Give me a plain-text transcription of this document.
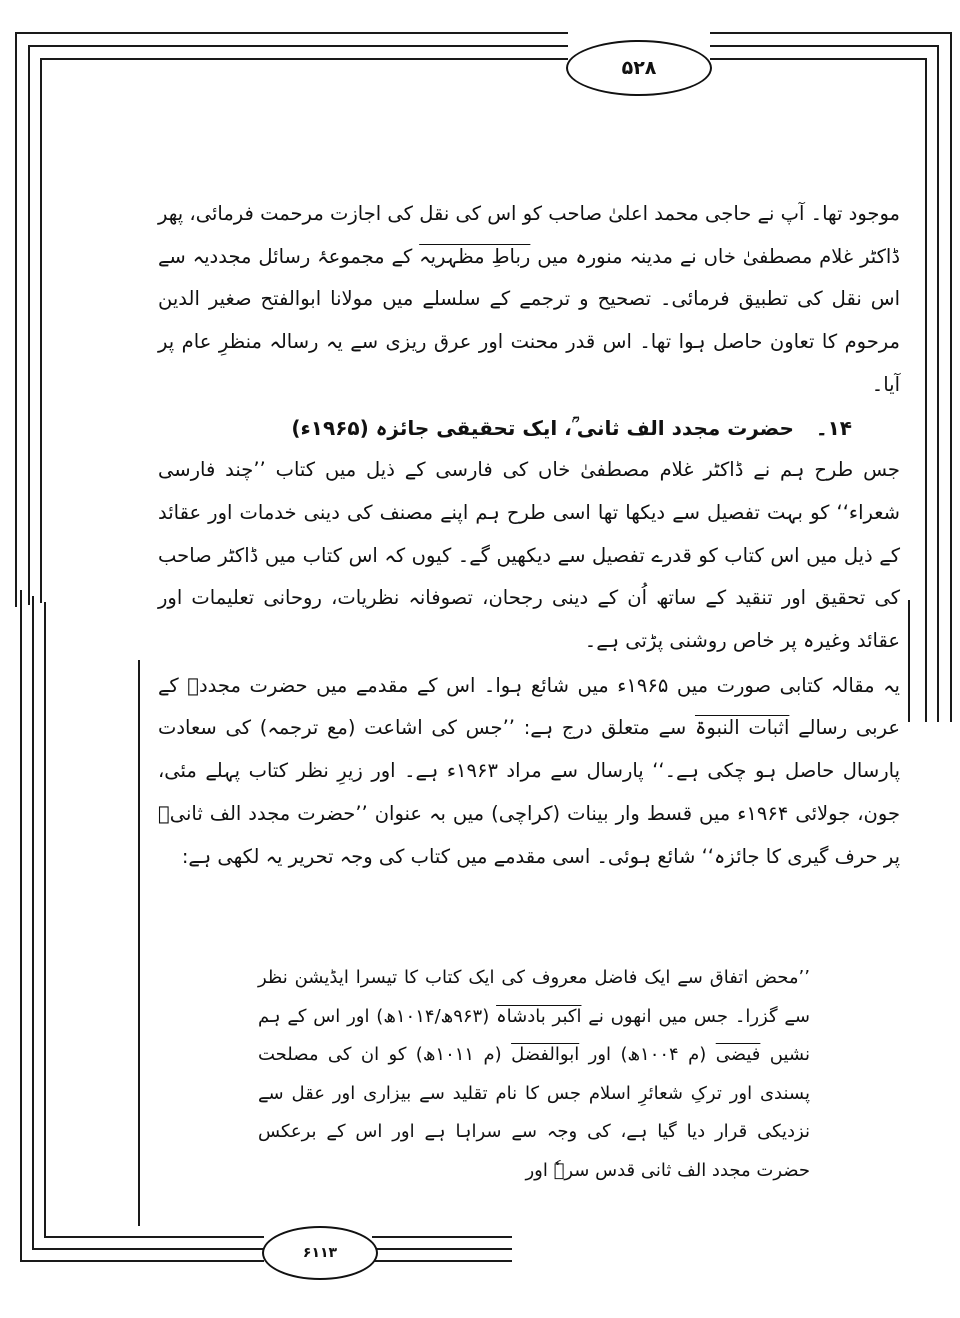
۵۲۸
۶۱۱۳

موجود تھا۔ آپ نے حاجی محمد اعلیٰ صاحب کو اس کی نقل کی اجازت مرحمت فرمائی، پھر ڈاکٹر غلام مصطفیٰ خاں نے مدینہ منورہ میں رباطِ مظہریہ کے مجموعۂ رسائل مجددیہ سے اس نقل کی تطبیق فرمائی۔ تصحیح و ترجمے کے سلسلے میں مولانا ابوالفتح صغیر الدین مرحوم کا تعاون حاصل ہوا تھا۔ اس قدر محنت اور عرق ریزی سے یہ رسالہ منظرِ عام پر آیا۔

۱۴۔حضرت مجدد الف ثانی ؒ، ایک تحقیقی جائزہ (۱۹۶۵ء)

جس طرح ہم نے ڈاکٹر غلام مصطفیٰ خاں کی فارسی کے ذیل میں کتاب ’’چند فارسی شعراء‘‘ کو بہت تفصیل سے دیکھا تھا اسی طرح ہم اپنے مصنف کی دینی خدمات اور عقائد کے ذیل میں اس کتاب کو قدرے تفصیل سے دیکھیں گے۔ کیوں کہ اس کتاب میں ڈاکٹر صاحب کی تحقیق اور تنقید کے ساتھ اُن کے دینی رجحان، تصوفانہ نظریات، روحانی تعلیمات اور عقائد وغیرہ پر خاص روشنی پڑتی ہے۔

یہ مقالہ کتابی صورت میں ۱۹۶۵ء میں شائع ہوا۔ اس کے مقدمے میں حضرت مجددؒ کے عربی رسالے اثبات النبوۃ سے متعلق درج ہے: ’’جس کی اشاعت (مع ترجمہ) کی سعادت پارسال حاصل ہو چکی ہے۔‘‘ پارسال سے مراد ۱۹۶۳ء ہے۔ اور زیرِ نظر کتاب پہلے مئی، جون، جولائی ۱۹۶۴ء میں قسط وار بینات (کراچی) میں بہ عنوان ’’حضرت مجدد الف ثانیؒ پر حرف گیری کا جائزہ‘‘ شائع ہوئی۔ اسی مقدمے میں کتاب کی وجہ تحریر یہ لکھی ہے:

’’محض اتفاق سے ایک فاضل معروف کی ایک کتاب کا تیسرا ایڈیشن نظر سے گزرا۔ جس میں انھوں نے اکبر بادشاہ (۹۶۳ھ/۱۰۱۴ھ) اور اس کے ہم نشیں فیضی (م ۱۰۰۴ھ) اور ابوالفضل (م ۱۰۱۱ھ) کو ان کی مصلحت پسندی اور ترکِ شعائرِ اسلام جس کا نام تقلید سے بیزاری اور عقل سے نزدیکی قرار دیا گیا ہے، کی وجہ سے سراہا ہے اور اس کے برعکس حضرت مجدد الف ثانی قدس سرہٗ اور
